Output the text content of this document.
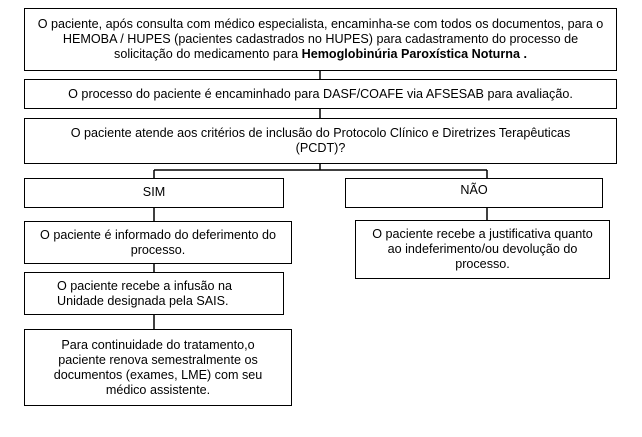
O paciente, após consulta com médico especialista, encaminha-se com todos os documentos, para o HEMOBA / HUPES (pacientes cadastrados no HUPES) para cadastramento do processo de solicitação do medicamento para Hemoglobinúria Paroxística Noturna .

O processo do paciente é encaminhado para DASF/COAFE via AFSESAB para avaliação.

O paciente atende aos critérios de inclusão do Protocolo Clínico e Diretrizes Terapêuticas (PCDT)?

SIM	NÃO

O paciente é informado do deferimento do processo.

O paciente recebe a justificativa quanto ao indeferimento/ou devolução do processo.

O paciente recebe a infusão na Unidade designada pela SAIS.

Para continuidade do tratamento,o paciente renova semestralmente os documentos (exames, LME) com seu médico assistente.
